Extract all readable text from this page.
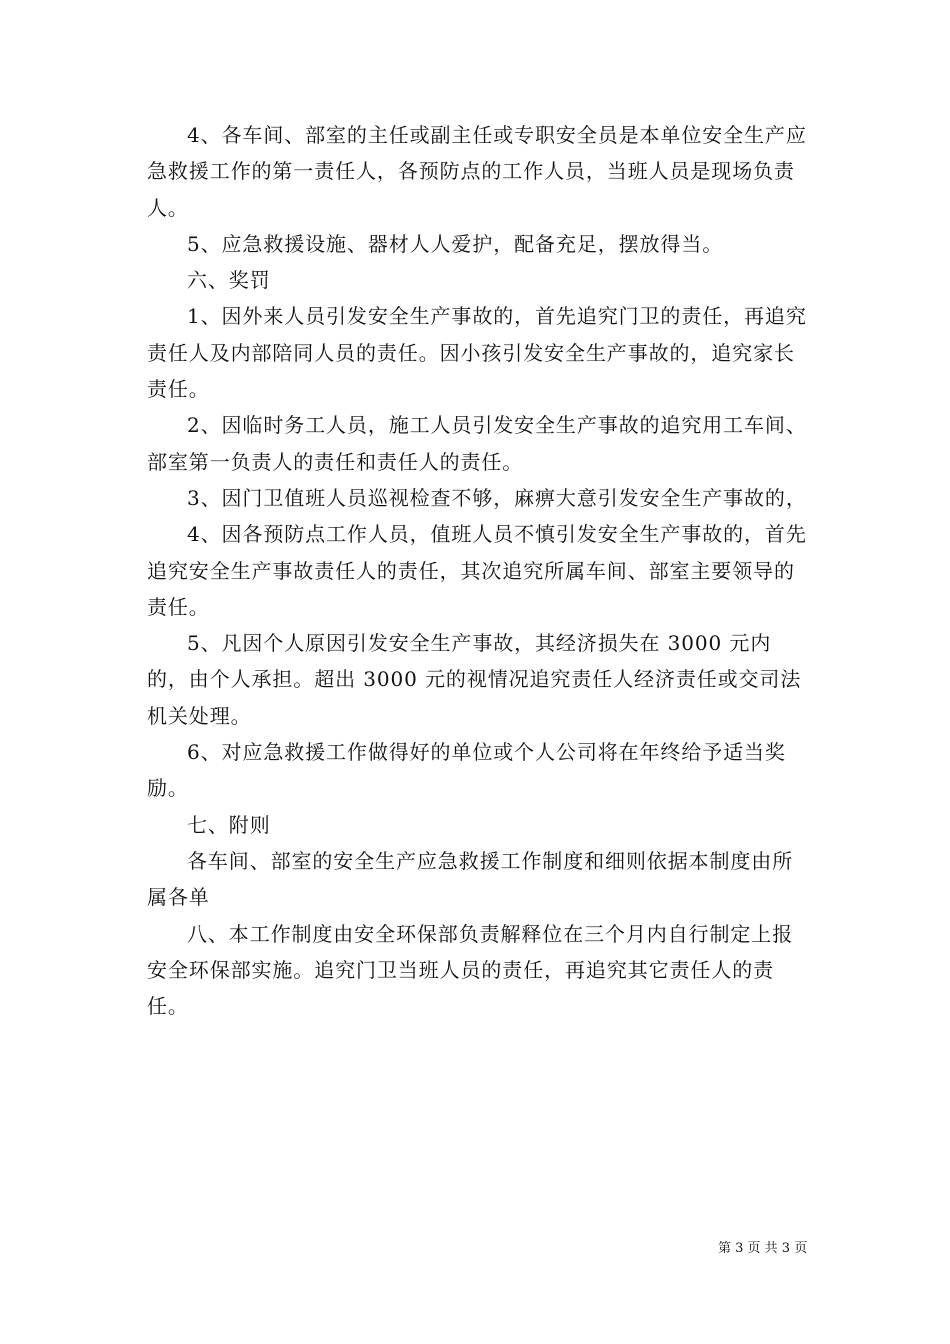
4、各车间、部室的主任或副主任或专职安全员是本单位安全生产应急救援工作的第一责任人，各预防点的工作人员，当班人员是现场负责人。

5、应急救援设施、器材人人爱护，配备充足，摆放得当。

六、奖罚

1、因外来人员引发安全生产事故的，首先追究门卫的责任，再追究责任人及内部陪同人员的责任。因小孩引发安全生产事故的，追究家长责任。

2、因临时务工人员，施工人员引发安全生产事故的追究用工车间、部室第一负责人的责任和责任人的责任。

3、因门卫值班人员巡视检查不够，麻痹大意引发安全生产事故的，

4、因各预防点工作人员，值班人员不慎引发安全生产事故的，首先追究安全生产事故责任人的责任，其次追究所属车间、部室主要领导的责任。

5、凡因个人原因引发安全生产事故，其经济损失在 3000 元内的，由个人承担。超出 3000 元的视情况追究责任人经济责任或交司法机关处理。

6、对应急救援工作做得好的单位或个人公司将在年终给予适当奖励。

七、附则

各车间、部室的安全生产应急救援工作制度和细则依据本制度由所属各单

八、本工作制度由安全环保部负责解释位在三个月内自行制定上报安全环保部实施。追究门卫当班人员的责任，再追究其它责任人的责任。

第 3 页 共 3 页
